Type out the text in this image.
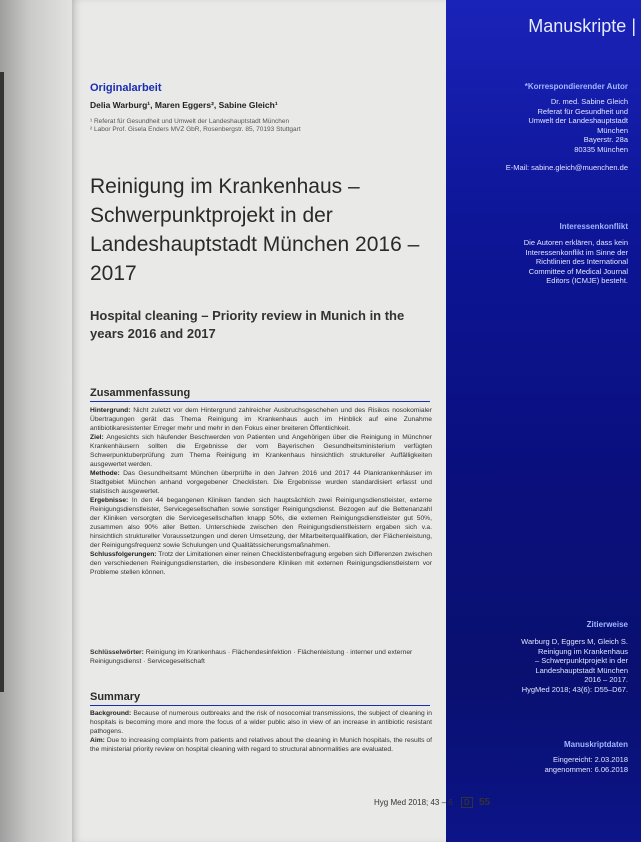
Originalarbeit
Delia Warburg¹, Maren Eggers², Sabine Gleich¹
¹ Referat für Gesundheit und Umwelt der Landeshauptstadt München
² Labor Prof. Gisela Enders MVZ GbR, Rosenbergstr. 85, 70193 Stuttgart
Reinigung im Krankenhaus – Schwerpunktprojekt in der Landeshauptstadt München 2016 – 2017
Hospital cleaning – Priority review in Munich in the years 2016 and 2017
Zusammenfassung

Hintergrund: Nicht zuletzt vor dem Hintergrund zahlreicher Ausbruchsgeschehen und des Risikos nosokomialer Übertragungen gerät das Thema Reinigung im Krankenhaus auch im Hinblick auf eine Zunahme antibiotikaresistenter Erreger mehr und mehr in den Fokus einer breiteren Öffentlichkeit.

Ziel: Angesichts sich häufender Beschwerden von Patienten und Angehörigen über die Reinigung in Münchner Krankenhäusern sollten die Ergebnisse der vom Bayerischen Gesundheitsministerium verfügten Schwerpunktuberprüfung zum Thema Reinigung im Krankenhaus hinsichtlich struktureller Auffälligkeiten ausgewertet werden.

Methode: Das Gesundheitsamt München überprüfte in den Jahren 2016 und 2017 44 Plankrankenhäuser im Stadtgebiet München anhand vorgegebener Checklisten. Die Ergebnisse wurden standardisiert erfasst und statistisch ausgewertet.

Ergebnisse: In den 44 begangenen Kliniken fanden sich hauptsächlich zwei Reinigungsdienstleister, externe Reinigungsdienstleister, Servicegesellschaften sowie sonstiger Reinigungsdienst. Bezogen auf die Bettenanzahl der Kliniken versorgten die Servicegesellschaften knapp 50%, die externen Reinigungsdienstleister gut 50%, zusammen also 90% aller Betten. Unterschiede zwischen den Reinigungsdienstleistern ergaben sich v.a. hinsichtlich struktureller Voraussetzungen und deren Umsetzung, der Mitarbeiterqualifikation, der Flächenleistung, der Reinigungsfrequenz sowie Schulungen und Qualitätssicherungsmaßnahmen.

Schlussfolgerungen: Trotz der Limitationen einer reinen Checklistenbefragung ergeben sich Differenzen zwischen den verschiedenen Reinigungsdienstarten, die insbesondere Kliniken mit externen Reinigungsdienstleistern vor Probleme stellen können.

Schlüsselwörter: Reinigung im Krankenhaus · Flächendesinfektion · Flächenleistung · interner und externer Reinigungsdienst · Servicegesellschaft
Summary

Background: Because of numerous outbreaks and the risk of nosocomial transmissions, the subject of cleaning in hospitals is becoming more and more the focus of a wider public also in view of an increase in antibiotic resistant pathogens.

Aim: Due to increasing complaints from patients and relatives about the cleaning in Munich hospitals, the results of the ministerial priority review on hospital cleaning with regard to structural abnormalities are evaluated.

Manuskripte |
*Korrespondierender Autor
Dr. med. Sabine Gleich
Referat für Gesundheit und
Umwelt der Landeshauptstadt
München
Bayerstr. 28a
80335 München
E-Mail: sabine.gleich@muenchen.de
Interessenkonflikt
Die Autoren erklären, dass kein
Interessenkonflikt im Sinne der
Richtlinien des International
Committee of Medical Journal
Editors (ICMJE) besteht.
Zitierweise
Warburg D, Eggers M, Gleich S.
Reinigung im Krankenhaus
– Schwerpunktprojekt in der
Landeshauptstadt München
2016 – 2017.
HygMed 2018; 43(6): D55–D67.
Manuskriptdaten
Eingereicht: 2.03.2018
angenommen: 6.06.2018
Hyg Med 2018; 43 – 6 D 55
